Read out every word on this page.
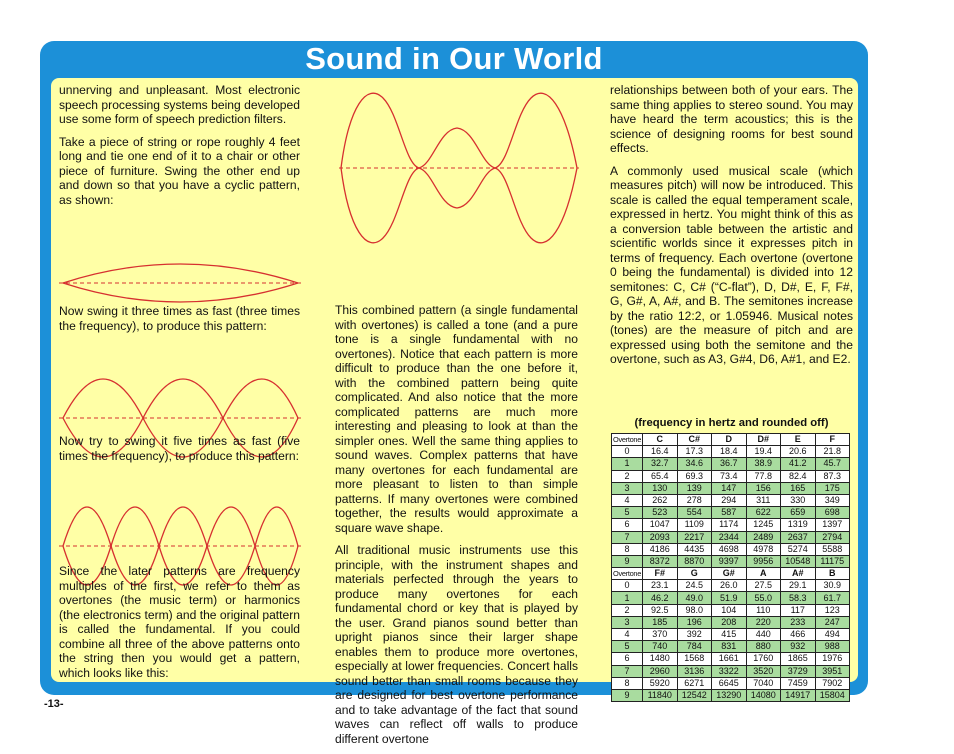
Sound in Our World

unnerving and unpleasant. Most electronic speech processing systems being developed use some form of speech prediction filters.

Take a piece of string or rope roughly 4 feet long and tie one end of it to a chair or other piece of furniture. Swing the other end up and down so that you have a cyclic pattern, as shown:

Now swing it three times as fast (three times the frequency), to produce this pattern:

Now try to swing it five times as fast (five times the frequency), to produce this pattern:

Since the later patterns are frequency multiples of the first, we refer to them as overtones (the music term) or harmonics (the electronics term) and the original pattern is called the fundamental. If you could combine all three of the above patterns onto the string then you would get a pattern, which looks like this:

This combined pattern (a single fundamental with overtones) is called a tone (and a pure tone is a single fundamental with no overtones). Notice that each pattern is more difficult to produce than the one before it, with the combined pattern being quite complicated. And also notice that the more complicated patterns are much more interesting and pleasing to look at than the simpler ones. Well the same thing applies to sound waves. Complex patterns that have many overtones for each fundamental are more pleasant to listen to than simple patterns. If many overtones were combined together, the results would approximate a square wave shape.

All traditional music instruments use this principle, with the instrument shapes and materials perfected through the years to produce many overtones for each fundamental chord or key that is played by the user. Grand pianos sound better than upright pianos since their larger shape enables them to produce more overtones, especially at lower frequencies. Concert halls sound better than small rooms because they are designed for best overtone performance and to take advantage of the fact that sound waves can reflect off walls to produce different overtone

relationships between both of your ears. The same thing applies to stereo sound. You may have heard the term acoustics; this is the science of designing rooms for best sound effects.

A commonly used musical scale (which measures pitch) will now be introduced. This scale is called the equal temperament scale, expressed in hertz. You might think of this as a conversion table between the artistic and scientific worlds since it expresses pitch in terms of frequency. Each overtone (overtone 0 being the fundamental) is divided into 12 semitones: C, C# (“C-flat”), D, D#, E, F, F#, G, G#, A, A#, and B. The semitones increase by the ratio 12:2, or 1.05946. Musical notes (tones) are the measure of pitch and are expressed using both the semitone and the overtone, such as A3, G#4, D6, A#1, and E2.

(frequency in hertz and rounded off)
Overtone	C	C#	D	D#	E	F
0	16.4	17.3	18.4	19.4	20.6	21.8
1	32.7	34.6	36.7	38.9	41.2	45.7
2	65.4	69.3	73.4	77.8	82.4	87.3
3	130	139	147	156	165	175
4	262	278	294	311	330	349
5	523	554	587	622	659	698
6	1047	1109	1174	1245	1319	1397
7	2093	2217	2344	2489	2637	2794
8	4186	4435	4698	4978	5274	5588
9	8372	8870	9397	9956	10548	11175
Overtone	F#	G	G#	A	A#	B
0	23.1	24.5	26.0	27.5	29.1	30.9
1	46.2	49.0	51.9	55.0	58.3	61.7
2	92.5	98.0	104	110	117	123
3	185	196	208	220	233	247
4	370	392	415	440	466	494
5	740	784	831	880	932	988
6	1480	1568	1661	1760	1865	1976
7	2960	3136	3322	3520	3729	3951
8	5920	6271	6645	7040	7459	7902
9	11840	12542	13290	14080	14917	15804
-13-
